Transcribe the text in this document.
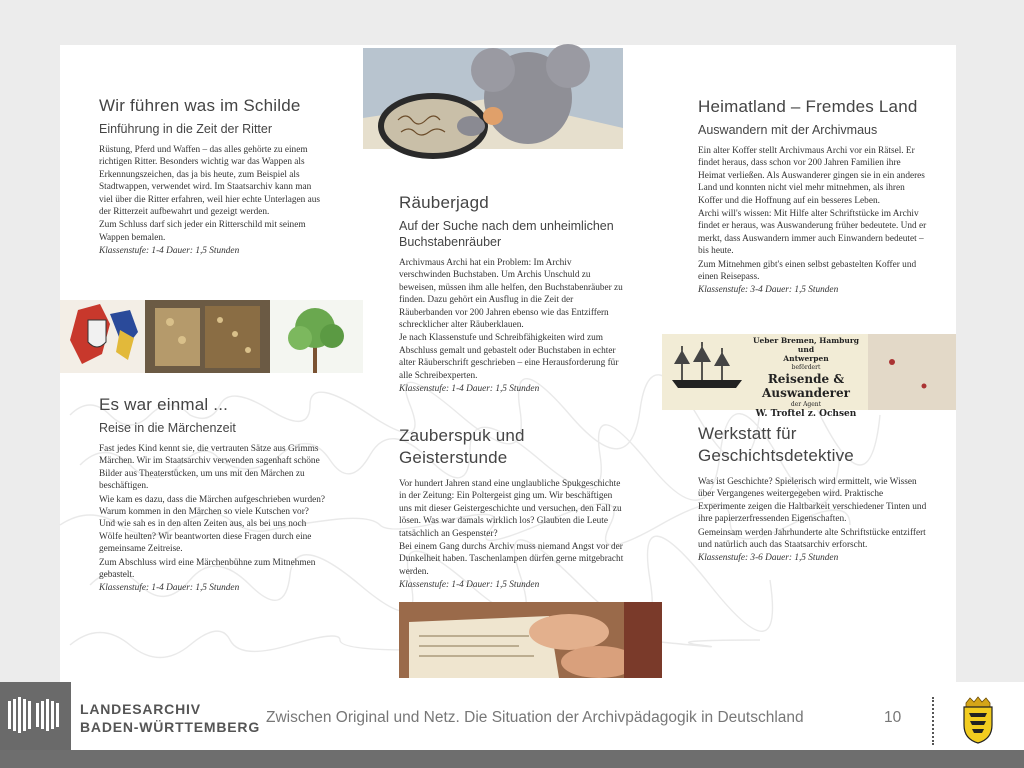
Wir führen was im Schilde
Einführung in die Zeit der Ritter
Rüstung, Pferd und Waffen – das alles gehörte zu einem richtigen Ritter. Besonders wichtig war das Wappen als Erkennungszeichen, das ja bis heute, zum Beispiel als Stadtwappen, verwendet wird. Im Staatsarchiv kann man viel über die Ritter erfahren, weil hier echte Unterlagen aus der Ritterzeit aufbewahrt und gezeigt werden.
Zum Schluss darf sich jeder ein Ritterschild mit seinem Wappen bemalen.
Klassenstufe: 1-4 Dauer: 1,5 Stunden
Es war einmal ...
Reise in die Märchenzeit
Fast jedes Kind kennt sie, die vertrauten Sätze aus Grimms Märchen. Wir im Staatsarchiv verwenden sagenhaft schöne Bilder aus Theaterstücken, um uns mit den Märchen zu beschäftigen.
Wie kam es dazu, dass die Märchen aufgeschrieben wurden? Warum kommen in den Märchen so viele Kutschen vor? Und wie sah es in den alten Zeiten aus, als bei uns noch Wölfe heulten? Wir beantworten diese Fragen durch eine gemeinsame Zeitreise.
Zum Abschluss wird eine Märchenbühne zum Mitnehmen gebastelt.
Klassenstufe: 1-4 Dauer: 1,5 Stunden
Räuberjagd
Auf der Suche nach dem unheimlichen Buchstabenräuber
Archivmaus Archi hat ein Problem: Im Archiv verschwinden Buchstaben. Um Archis Unschuld zu beweisen, müssen ihm alle helfen, den Buchstabenräuber zu finden. Dazu gehört ein Ausflug in die Zeit der Räuberbanden vor 200 Jahren ebenso wie das Entziffern schrecklicher alter Räuberklauen.
Je nach Klassenstufe und Schreibfähigkeiten wird zum Abschluss gemalt und gebastelt oder Buchstaben in echter alter Räuberschrift geschrieben – eine Herausforderung für alle Schreibexperten.
Klassenstufe: 1-4 Dauer: 1,5 Stunden
Zauberspuk und Geisterstunde
Vor hundert Jahren stand eine unglaubliche Spukgeschichte in der Zeitung: Ein Poltergeist ging um. Wir beschäftigen uns mit dieser Geistergeschichte und versuchen, den Fall zu lösen. Was war damals wirklich los? Glaubten die Leute tatsächlich an Gespenster?
Bei einem Gang durchs Archiv muss niemand Angst vor der Dunkelheit haben. Taschenlampen dürfen gerne mitgebracht werden.
Klassenstufe: 1-4 Dauer: 1,5 Stunden
Heimatland – Fremdes Land
Auswandern mit der Archivmaus
Ein alter Koffer stellt Archivmaus Archi vor ein Rätsel. Er findet heraus, dass schon vor 200 Jahren Familien ihre Heimat verließen. Als Auswanderer gingen sie in ein anderes Land und konnten nicht viel mehr mitnehmen, als ihren Koffer und die Hoffnung auf ein besseres Leben.
Archi will's wissen: Mit Hilfe alter Schriftstücke im Archiv findet er heraus, was Auswanderung früher bedeutete. Und er merkt, dass Auswandern immer auch Einwandern bedeutet – bis heute.
Zum Mitnehmen gibt's einen selbst gebastelten Koffer und einen Reisepass.
Klassenstufe: 3-4 Dauer: 1,5 Stunden
Ueber Bremen, Hamburg und
Antwerpen
befördert
Reisende & Auswanderer
der Agent
W. Troftel z. Ochsen
Werkstatt für Geschichtsdetektive
Was ist Geschichte? Spielerisch wird ermittelt, wie Wissen über Vergangenes weitergegeben wird. Praktische Experimente zeigen die Haltbarkeit verschiedener Tinten und ihre papierzerfressenden Eigenschaften.
Gemeinsam werden Jahrhunderte alte Schriftstücke entziffert und natürlich auch das Staatsarchiv erforscht.
Klassenstufe: 3-6 Dauer: 1,5 Stunden
LANDESARCHIV
BADEN-WÜRTTEMBERG
Zwischen Original und Netz. Die Situation der Archivpädagogik in Deutschland	10
